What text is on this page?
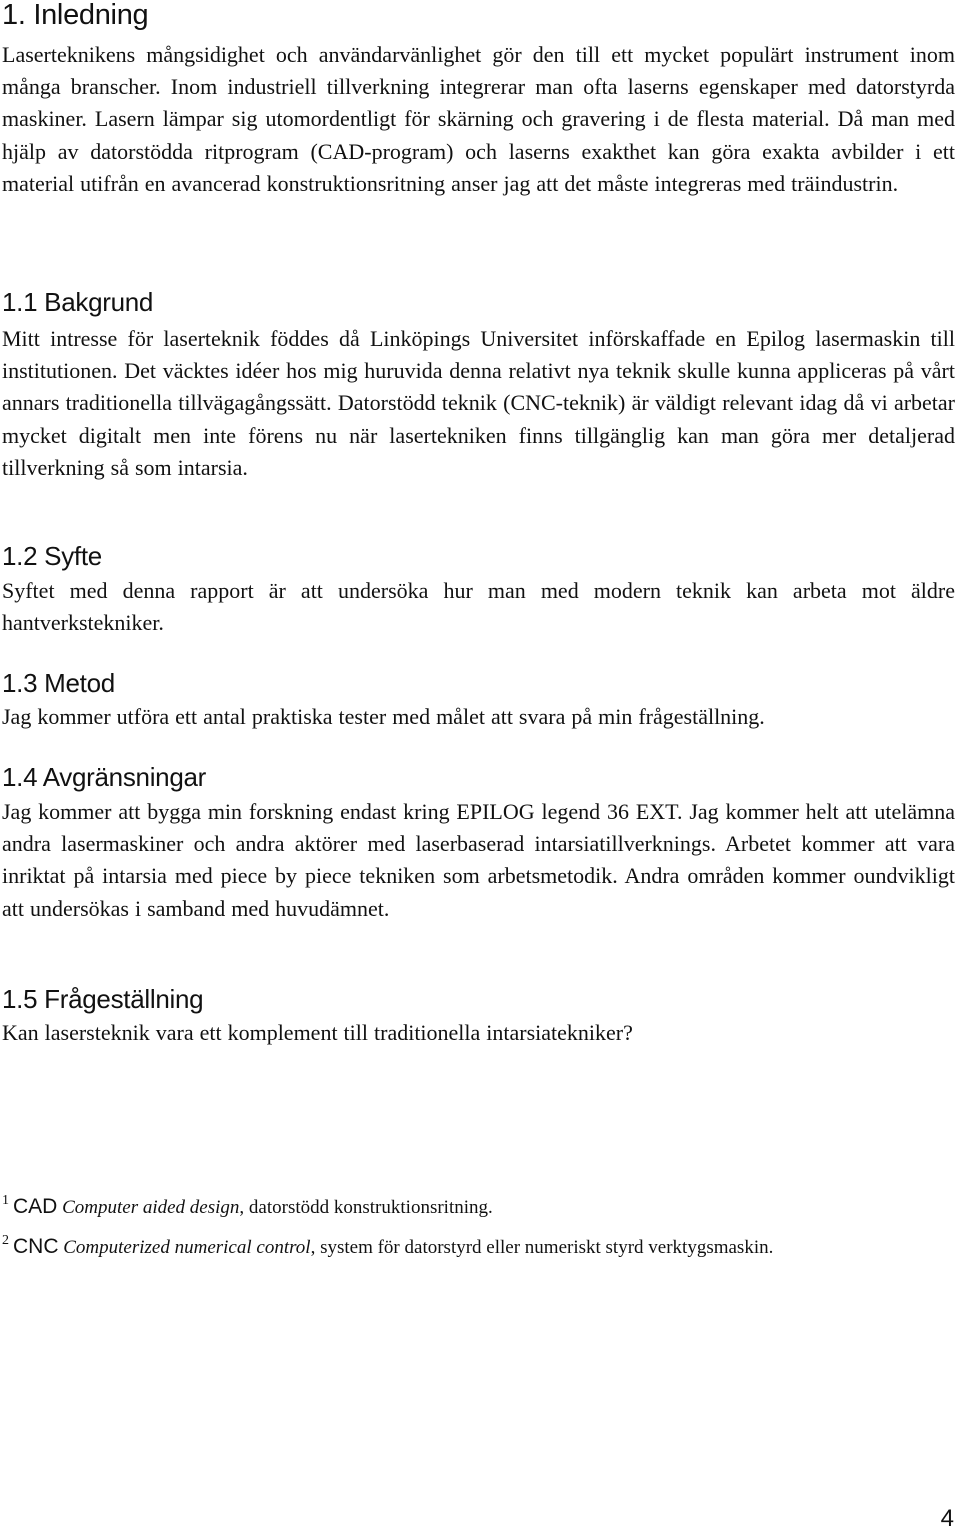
1. Inledning

Laserteknikens mångsidighet och användarvänlighet gör den till ett mycket populärt instrument inom många branscher. Inom industriell tillverkning integrerar man ofta laserns egenskaper med datorstyrda maskiner. Lasern lämpar sig utomordentligt för skärning och gravering i de flesta material. Då man med hjälp av datorstödda ritprogram (CAD-program) och laserns exakthet kan göra exakta avbilder i ett material utifrån en avancerad konstruktionsritning anser jag att det måste integreras med träindustrin.

1.1 Bakgrund

Mitt intresse för laserteknik föddes då Linköpings Universitet införskaffade en Epilog lasermaskin till institutionen. Det väcktes idéer hos mig huruvida denna relativt nya teknik skulle kunna appliceras på vårt annars traditionella tillvägagångssätt. Datorstödd teknik (CNC-teknik) är väldigt relevant idag då vi arbetar mycket digitalt men inte förens nu när lasertekniken finns tillgänglig kan man göra mer detaljerad tillverkning så som intarsia.

1.2 Syfte

Syftet med denna rapport är att undersöka hur man med modern teknik kan arbeta mot äldre hantverkstekniker.

1.3 Metod

Jag kommer utföra ett antal praktiska tester med målet att svara på min frågeställning.

1.4 Avgränsningar

Jag kommer att bygga min forskning endast kring EPILOG legend 36 EXT. Jag kommer helt att utelämna andra lasermaskiner och andra aktörer med laserbaserad intarsiatillverknings. Arbetet kommer att vara inriktat på intarsia med piece by piece tekniken som arbetsmetodik. Andra områden kommer oundvikligt att undersökas i samband med huvudämnet.

1.5 Frågeställning

Kan lasersteknik vara ett komplement till traditionella intarsiatekniker?

$^1$ CAD Computer aided design, datorstödd konstruktionsritning.
$^2$ CNC Computerized numerical control, system för datorstyrd eller numeriskt styrd verktygsmaskin.
4
